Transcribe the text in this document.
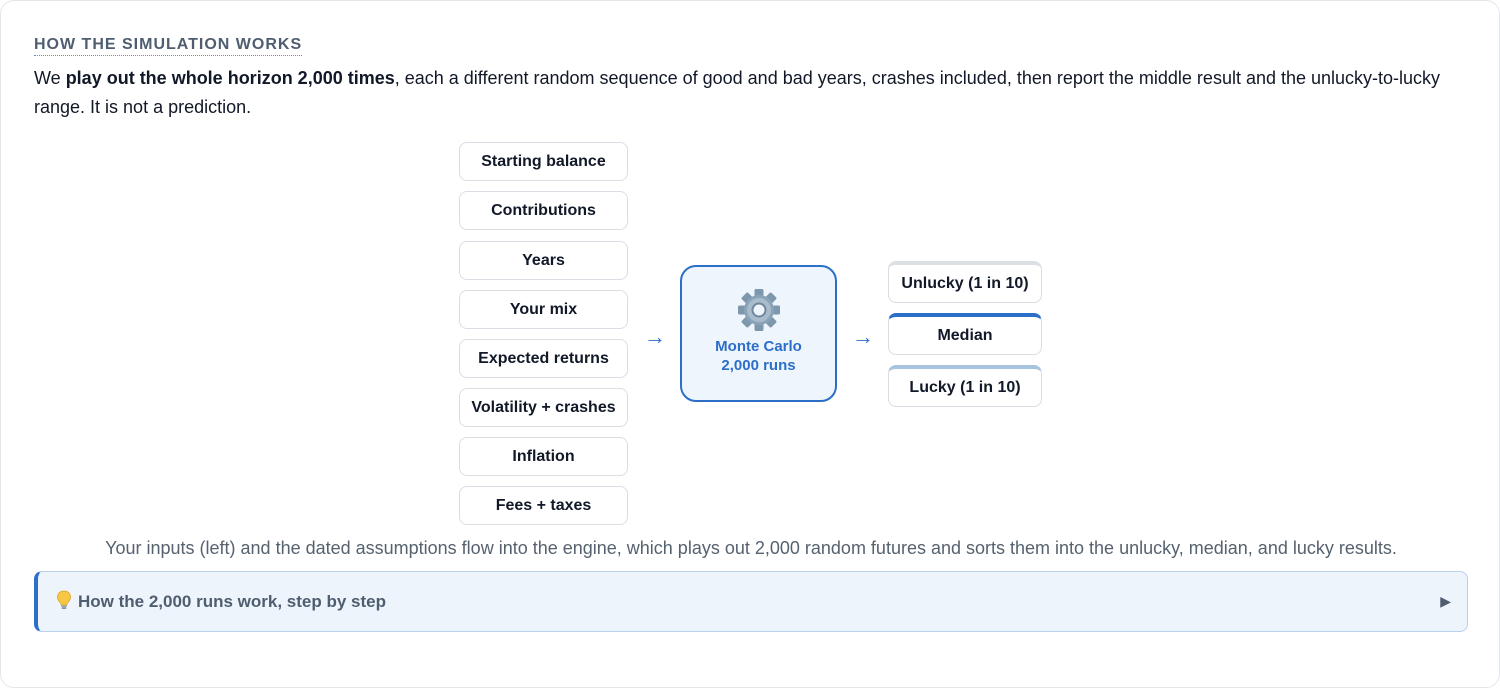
HOW THE SIMULATION WORKS
We play out the whole horizon 2,000 times, each a different random sequence of good and bad years, crashes included, then report the middle result and the unlucky-to-lucky range. It is not a prediction.
Starting balance
Contributions
Years
Your mix
Expected returns
Volatility + crashes
Inflation
Fees + taxes
→	Monte Carlo
2,000 runs
→
Unlucky (1 in 10)
Median
Lucky (1 in 10)
Your inputs (left) and the dated assumptions flow into the engine, which plays out 2,000 random futures and sorts them into the unlucky, median, and lucky results.
How the 2,000 runs work, step by step	▶
